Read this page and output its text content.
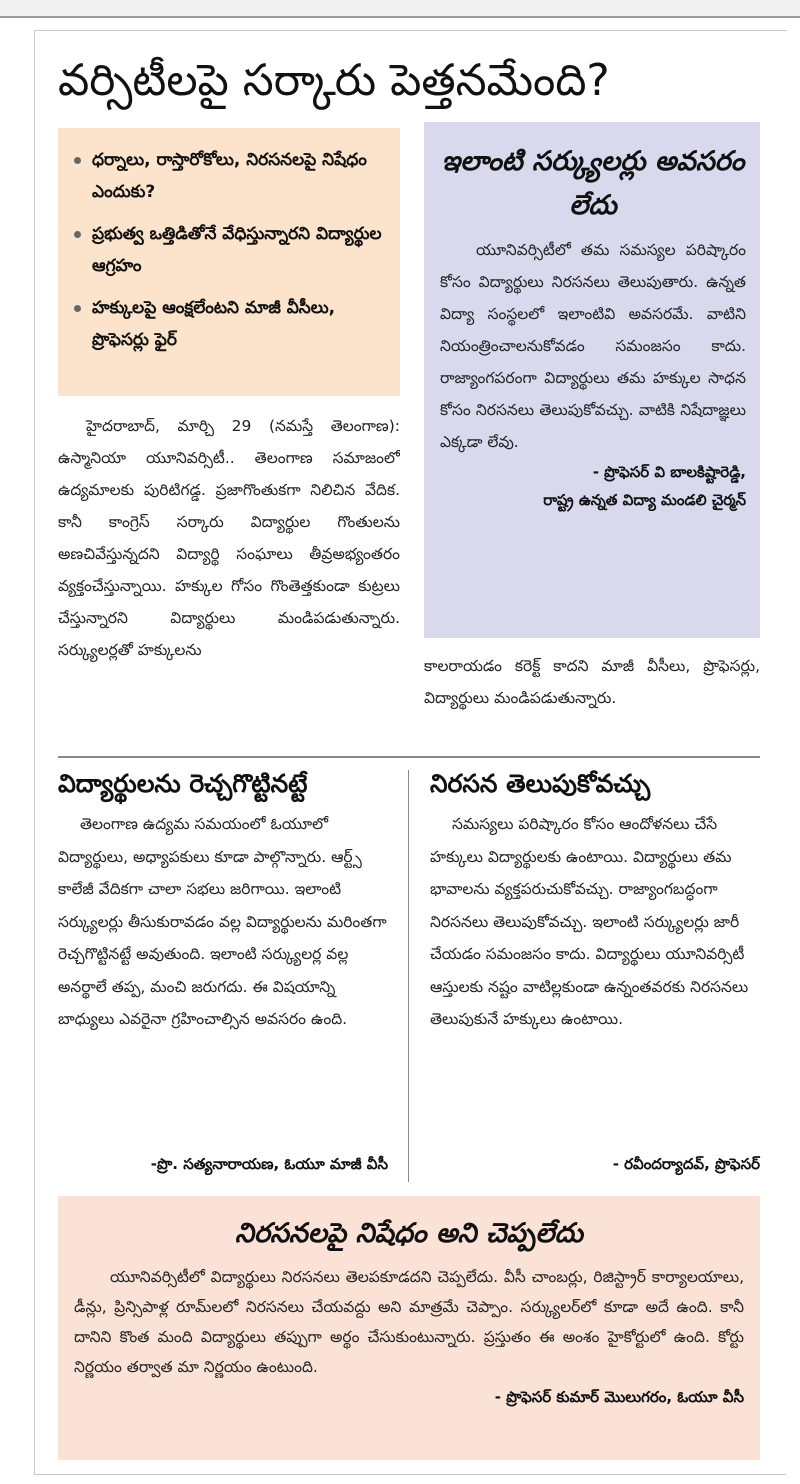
వర్సిటీలపై సర్కారు పెత్తనమేంది?
ధర్నాలు, రాస్తారోకోలు, నిరసనలపై నిషేధం ఎందుకు?
ప్రభుత్వ ఒత్తిడితోనే వేధిస్తున్నారని విద్యార్థుల ఆగ్రహం
హక్కులపై ఆంక్షలేంటని మాజీ వీసీలు, ప్రొఫెసర్లు ఫైర్
ఇలాంటి సర్క్యులర్లు అవసరం లేదు
యూనివర్సిటీలో తమ సమస్యల పరిష్కారం కోసం విద్యార్థులు నిరసనలు తెలుపుతారు. ఉన్నత విద్యా సంస్థలలో ఇలాంటివి అవసరమే. వాటిని నియంత్రించాలనుకోవడం సమంజసం కాదు. రాజ్యాంగపరంగా విద్యార్థులు తమ హక్కుల సాధన కోసం నిరసనలు తెలుపుకోవచ్చు. వాటికి నిషేదాజ్ఞలు ఎక్కడా లేవు.
- ప్రొఫెసర్ వి బాలకిష్టారెడ్డి,
రాష్ట్ర ఉన్నత విద్యా మండలి చైర్మన్
హైదరాబాద్, మార్చి 29 (నమస్తే తెలంగాణ): ఉస్మానియా యూనివర్సిటీ.. తెలంగాణ సమాజంలో ఉద్యమాలకు పురిటిగడ్డ. ప్రజాగొంతుకగా నిలిచిన వేదిక. కానీ కాంగ్రెస్ సర్కారు విద్యార్థుల గొంతులను అణచివేస్తున్నదని విద్యార్థి సంఘాలు తీవ్రఅభ్యంతరం వ్యక్తంచేస్తున్నాయి. హక్కుల గోసం గొంతెత్తకుండా కుట్రలు చేస్తున్నారని విద్యార్థులు మండిపడుతున్నారు. సర్క్యులర్లతో హక్కులను
కాలరాయడం కరెక్ట్ కాదని మాజీ వీసీలు, ప్రొఫెసర్లు, విద్యార్థులు మండిపడుతున్నారు.
విద్యార్థులను రెచ్చగొట్టినట్టే
తెలంగాణ ఉద్యమ సమయంలో ఓయూలో విద్యార్థులు, అధ్యాపకులు కూడా పాల్గొన్నారు. ఆర్ట్స్ కాలేజీ వేదికగా చాలా సభలు జరిగాయి. ఇలాంటి సర్క్యులర్లు తీసుకురావడం వల్ల విద్యార్థులను మరింతగా రెచ్చగొట్టినట్టే అవుతుంది. ఇలాంటి సర్క్యులర్ల వల్ల అనర్థాలే తప్ప, మంచి జరుగదు. ఈ విషయాన్ని బాధ్యులు ఎవరైనా గ్రహించాల్సిన అవసరం ఉంది.
-ప్రొ. సత్యనారాయణ, ఓయూ మాజీ వీసీ
నిరసన తెలుపుకోవచ్చు
సమస్యలు పరిష్కారం కోసం ఆందోళనలు చేసే హక్కులు విద్యార్థులకు ఉంటాయి. విద్యార్థులు తమ భావాలను వ్యక్తపరుచుకోవచ్చు. రాజ్యాంగబద్ధంగా నిరసనలు తెలుపుకోవచ్చు. ఇలాంటి సర్క్యులర్లు జారీ చేయడం సమంజసం కాదు. విద్యార్థులు యూనివర్సిటీ ఆస్తులకు నష్టం వాటిల్లకుండా ఉన్నంతవరకు నిరసనలు తెలుపుకునే హక్కులు ఉంటాయి.
- రవీందర్యాదవ్, ప్రొఫెసర్
నిరసనలపై నిషేధం అని చెప్పలేదు
యూనివర్సిటీలో విద్యార్థులు నిరసనలు తెలపకూడదని చెప్పలేదు. వీసీ చాంబర్లు, రిజిస్ట్రార్ కార్యాలయాలు, డీన్లు, ప్రిన్సిపాళ్ల రూమ్‌లలో నిరసనలు చేయవద్దు అని మాత్రమే చెప్పాం. సర్క్యులర్‌లో కూడా అదే ఉంది. కానీ దానిని కొంత మంది విద్యార్థులు తప్పుగా అర్థం చేసుకుంటున్నారు. ప్రస్తుతం ఈ అంశం హైకోర్టులో ఉంది. కోర్టు నిర్ణయం తర్వాత మా నిర్ణయం ఉంటుంది.
- ప్రొఫెసర్ కుమార్ మొలుగరం, ఓయూ వీసీ
